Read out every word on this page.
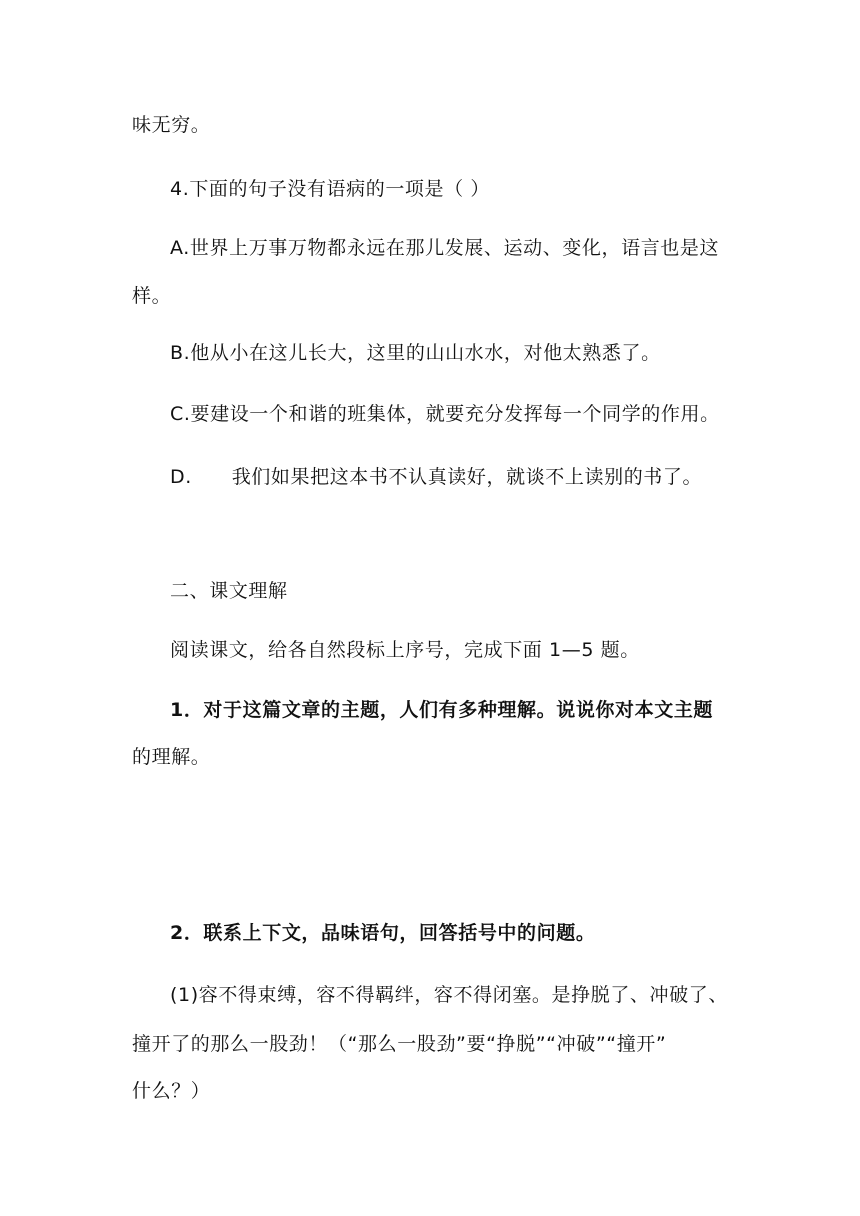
味无穷。
4.下面的句子没有语病的一项是（ ）
A.世界上万事万物都永远在那儿发展、运动、变化，语言也是这
样。
B.他从小在这儿长大，这里的山山水水，对他太熟悉了。
C.要建设一个和谐的班集体，就要充分发挥每一个同学的作用。
D.      我们如果把这本书不认真读好，就谈不上读别的书了。
二、课文理解
阅读课文，给各自然段标上序号，完成下面 1—5 题。
1．对于这篇文章的主题，人们有多种理解。说说你对本文主题
的理解。
2．联系上下文，品味语句，回答括号中的问题。
(1)容不得束缚，容不得羁绊，容不得闭塞。是挣脱了、冲破了、
撞开了的那么一股劲！（“那么一股劲”要“挣脱”“冲破”“撞开”
什么？）
